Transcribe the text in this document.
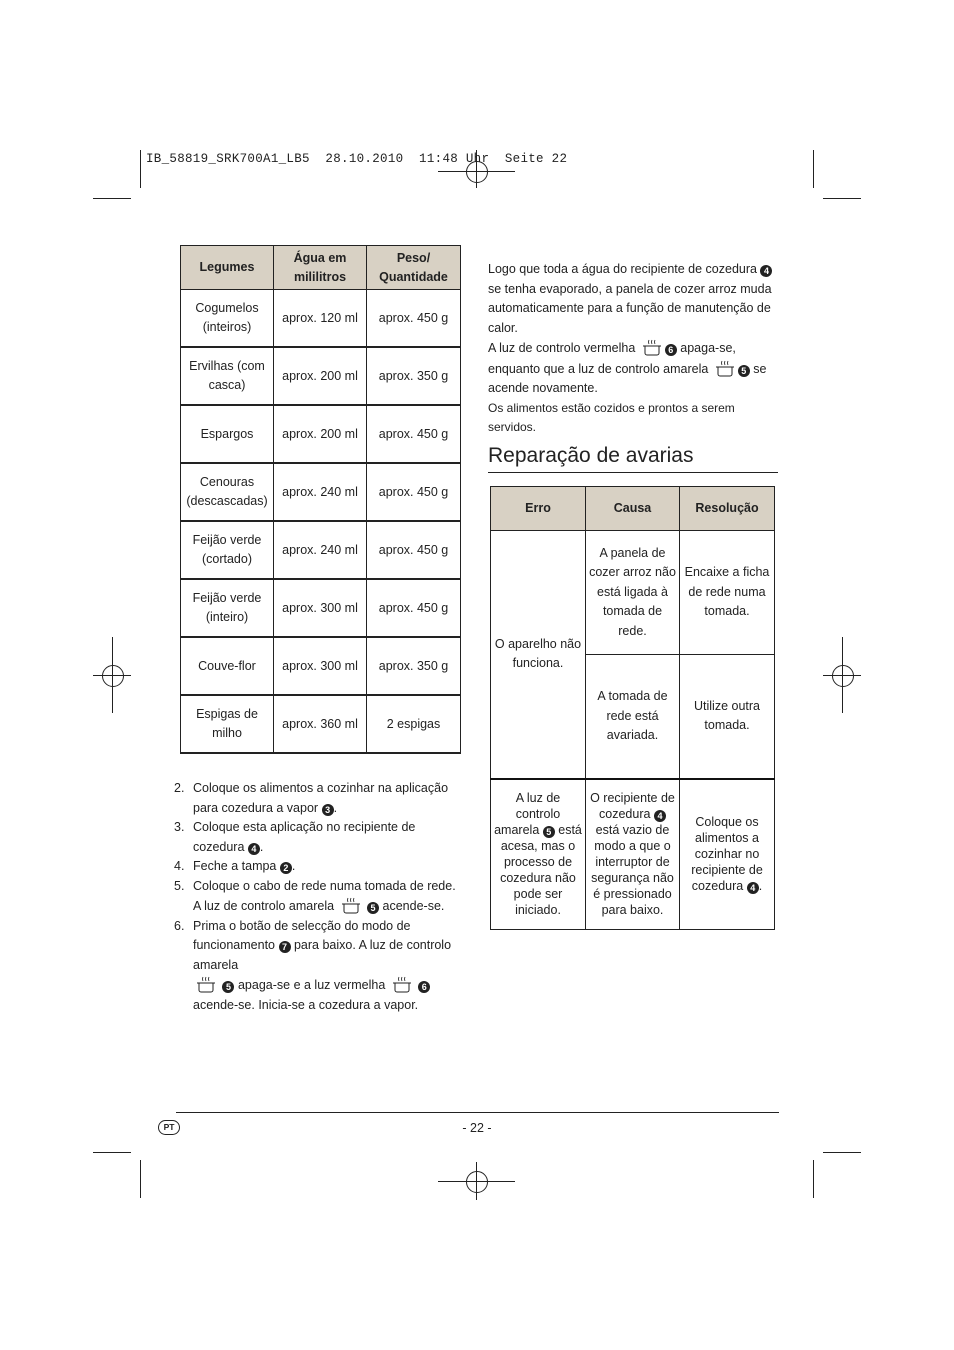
IB_58819_SRK700A1_LB5  28.10.2010  11:48 Uhr  Seite 22
Legumes	Água em mililitros	Peso/ Quantidade
Cogumelos (inteiros)	aprox. 120 ml	aprox. 450 g
Ervilhas (com casca)	aprox. 200 ml	aprox. 350 g
Espargos	aprox. 200 ml	aprox. 450 g
Cenouras (descascadas)	aprox. 240 ml	aprox. 450 g
Feijão verde (cortado)	aprox. 240 ml	aprox. 450 g
Feijão verde (inteiro)	aprox. 300 ml	aprox. 450 g
Couve-flor	aprox. 300 ml	aprox. 350 g
Espigas de milho	aprox. 360 ml	2 espigas
2. Coloque os alimentos a cozinhar na aplicação para cozedura a vapor 3 .
3. Coloque esta aplicação no recipiente de cozedura 4 .
4. Feche a tampa 2 .
5. Coloque o cabo de rede numa tomada de rede. A luz de controlo amarela	5 acende-se.
6. Prima o botão de selecção do modo de funcionamento 7 para baixo. A luz de controlo amarela
5 apaga-se e a luz vermelha	6
acende-se. Inicia-se a cozedura a vapor.

Logo que toda a água do recipiente de cozedura 4 se tenha evaporado, a panela de cozer arroz muda automaticamente para a função de manutenção de calor.

A luz de controlo vermelha	6 apaga-se, enquanto que a luz de controlo amarela	5 se acende novamente.

Os alimentos estão cozidos e prontos a serem servidos.

Reparação de avarias
Erro	Causa	Resolução
O aparelho não funciona.	A panela de cozer arroz não está ligada à tomada de rede.	Encaixe a ficha de rede numa tomada.
	A tomada de rede está avariada.	Utilize outra tomada.
A luz de controlo amarela 5 está acesa, mas o processo de cozedura não pode ser iniciado.	O recipiente de cozedura 4 está vazio de modo a que o interruptor de segurança não é pressionado para baixo.	Coloque os alimentos a cozinhar no recipiente de cozedura 4 .
PT	- 22 -
